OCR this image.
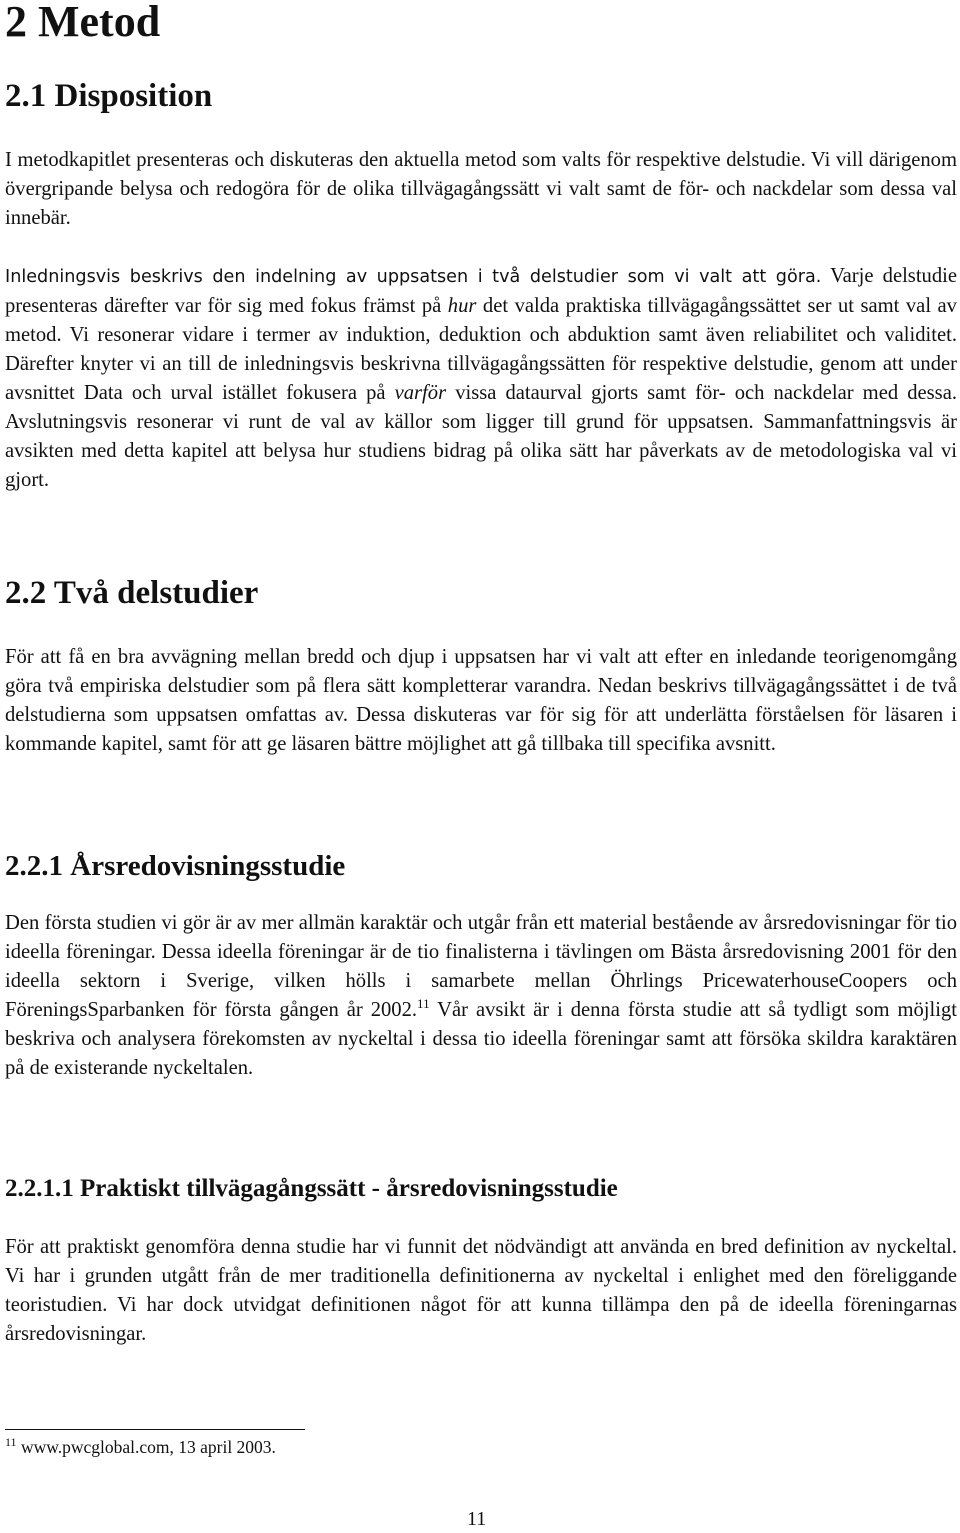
2 Metod
2.1 Disposition

I metodkapitlet presenteras och diskuteras den aktuella metod som valts för respektive delstudie. Vi vill därigenom övergripande belysa och redogöra för de olika tillvägagångssätt vi valt samt de för- och nackdelar som dessa val innebär.

Inledningsvis beskrivs den indelning av uppsatsen i två delstudier som vi valt att göra. Varje delstudie presenteras därefter var för sig med fokus främst på hur det valda praktiska tillvägagångssättet ser ut samt val av metod. Vi resonerar vidare i termer av induktion, deduktion och abduktion samt även reliabilitet och validitet. Därefter knyter vi an till de inledningsvis beskrivna tillvägagångssätten för respektive delstudie, genom att under avsnittet Data och urval istället fokusera på varför vissa dataurval gjorts samt för- och nackdelar med dessa. Avslutningsvis resonerar vi runt de val av källor som ligger till grund för uppsatsen. Sammanfattningsvis är avsikten med detta kapitel att belysa hur studiens bidrag på olika sätt har påverkats av de metodologiska val vi gjort.

2.2 Två delstudier

För att få en bra avvägning mellan bredd och djup i uppsatsen har vi valt att efter en inledande teorigenomgång göra två empiriska delstudier som på flera sätt kompletterar varandra. Nedan beskrivs tillvägagångssättet i de två delstudierna som uppsatsen omfattas av. Dessa diskuteras var för sig för att underlätta förståelsen för läsaren i kommande kapitel, samt för att ge läsaren bättre möjlighet att gå tillbaka till specifika avsnitt.

2.2.1 Årsredovisningsstudie

Den första studien vi gör är av mer allmän karaktär och utgår från ett material bestående av årsredovisningar för tio ideella föreningar. Dessa ideella föreningar är de tio finalisterna i tävlingen om Bästa årsredovisning 2001 för den ideella sektorn i Sverige, vilken hölls i samarbete mellan Öhrlings PricewaterhouseCoopers och FöreningsSparbanken för första gången år 2002.11 Vår avsikt är i denna första studie att så tydligt som möjligt beskriva och analysera förekomsten av nyckeltal i dessa tio ideella föreningar samt att försöka skildra karaktären på de existerande nyckeltalen.

2.2.1.1 Praktiskt tillvägagångssätt - årsredovisningsstudie

För att praktiskt genomföra denna studie har vi funnit det nödvändigt att använda en bred definition av nyckeltal. Vi har i grunden utgått från de mer traditionella definitionerna av nyckeltal i enlighet med den föreliggande teoristudien. Vi har dock utvidgat definitionen något för att kunna tillämpa den på de ideella föreningarnas årsredovisningar.

$^{11}$ www.pwcglobal.com, 13 april 2003.
11
